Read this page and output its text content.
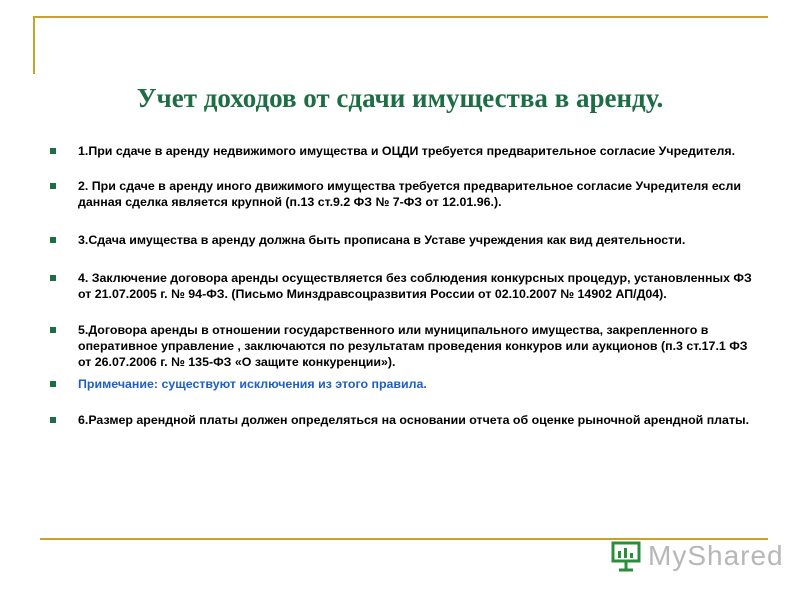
Учет доходов от сдачи имущества в аренду.
1.При сдаче в аренду недвижимого имущества и ОЦДИ требуется предварительное согласие Учредителя.
2. При сдаче в аренду иного движимого имущества требуется предварительное согласие Учредителя если данная сделка является крупной (п.13 ст.9.2 ФЗ № 7-ФЗ от 12.01.96.).
3.Сдача имущества в аренду должна быть прописана в Уставе учреждения как вид деятельности.
4. Заключение договора аренды осуществляется без соблюдения конкурсных процедур, установленных ФЗ от 21.07.2005 г. № 94-ФЗ. (Письмо Минздравсоцразвития России от 02.10.2007 № 14902 АП/Д04).
5.Договора аренды в отношении государственного или муниципального имущества, закрепленного в оперативное управление , заключаются по результатам проведения конкуров или аукционов (п.3 ст.17.1 ФЗ от 26.07.2006 г. № 135-ФЗ «О защите конкуренции»).
Примечание: существуют исключения из этого правила.
6.Размер арендной платы должен определяться на основании отчета об оценке рыночной арендной платы.
MyShared
